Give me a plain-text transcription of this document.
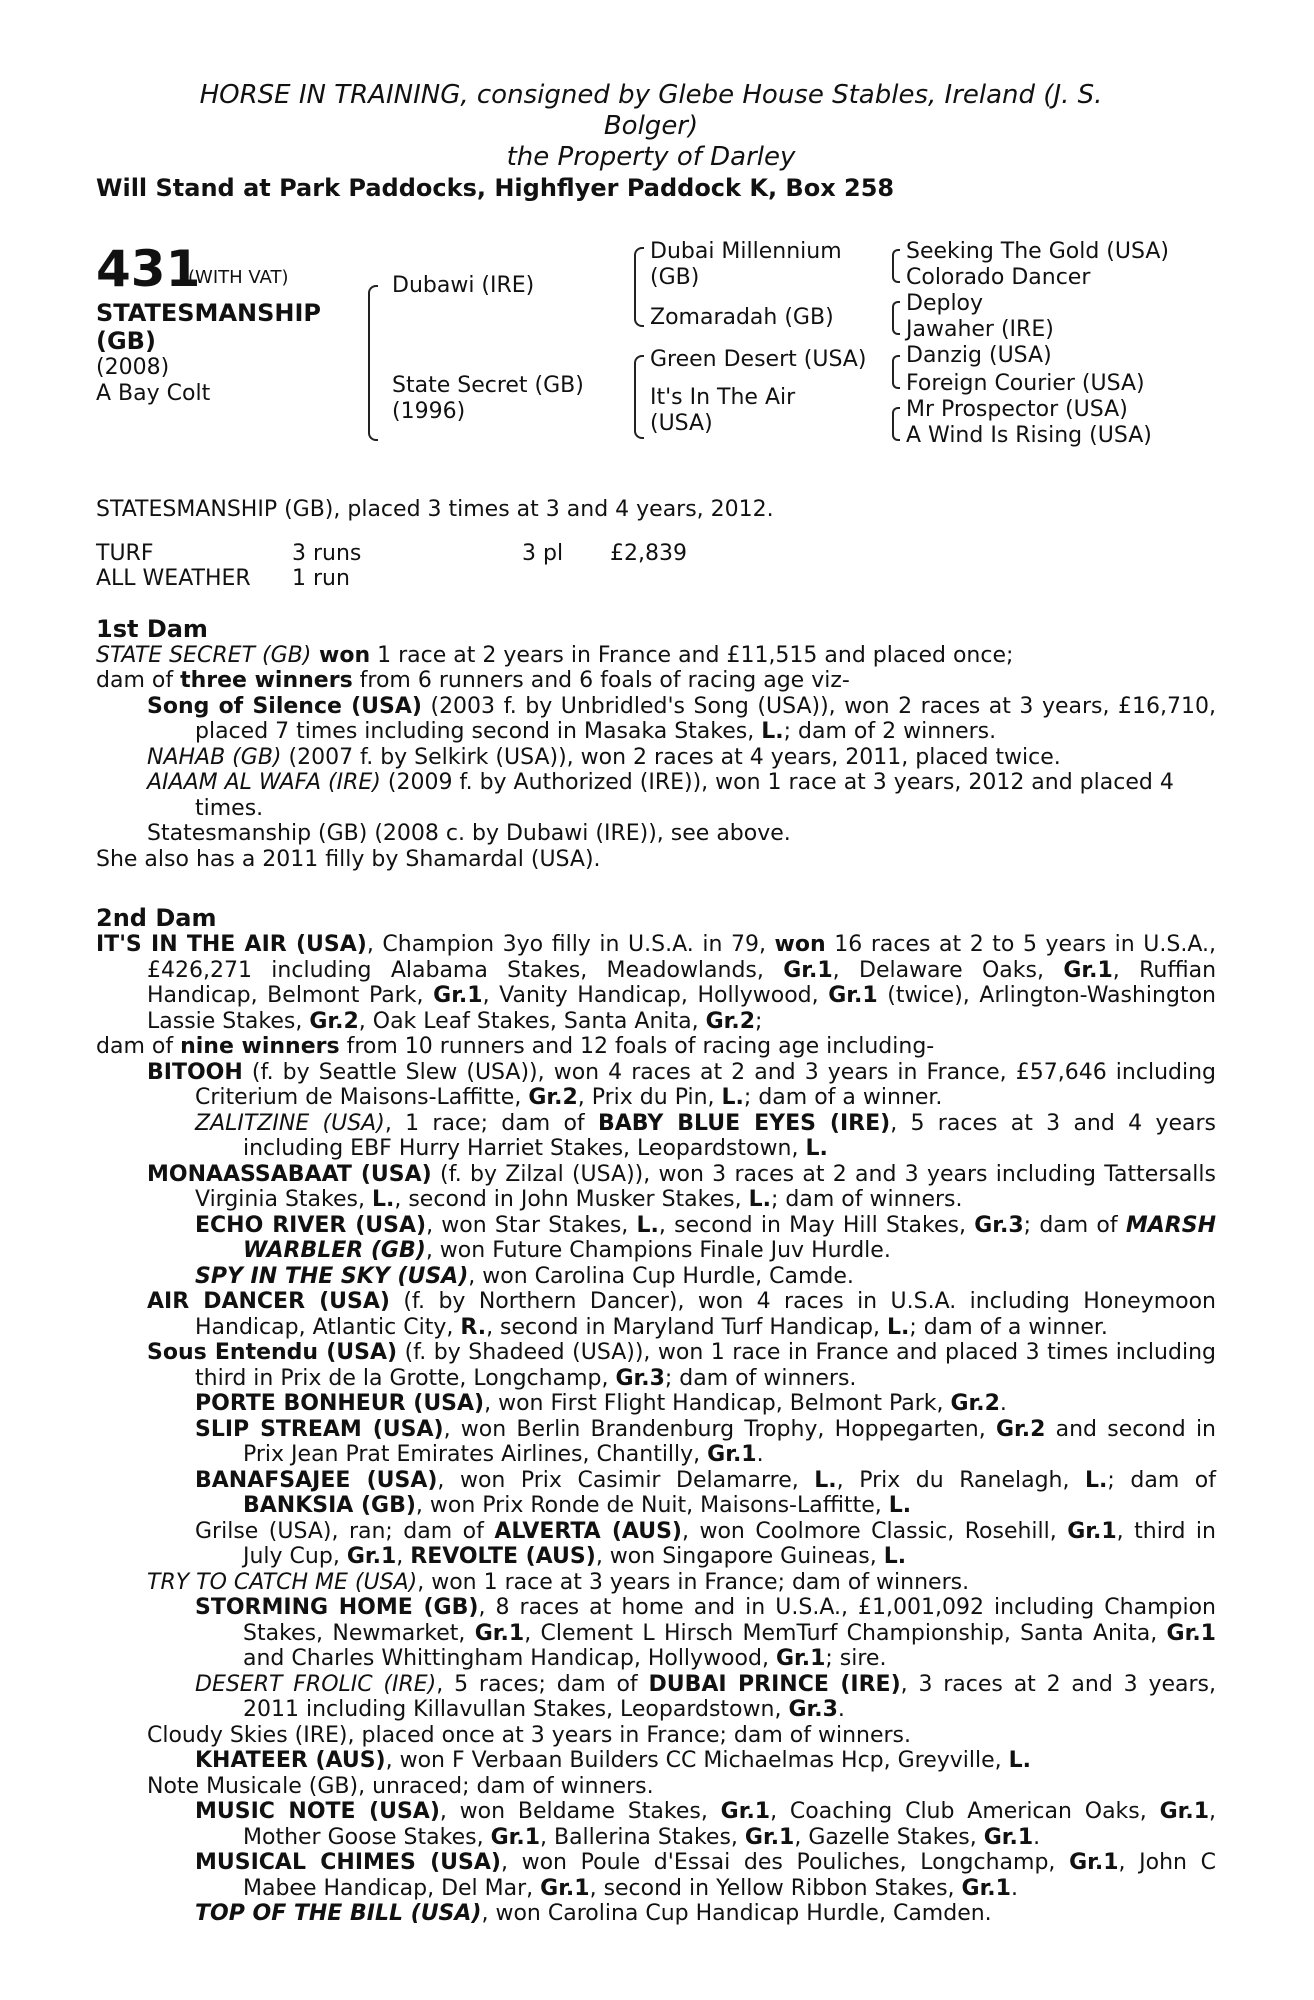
HORSE IN TRAINING, consigned by Glebe House Stables, Ireland (J. S.
Bolger)
the Property of Darley
Will Stand at Park Paddocks, Highflyer Paddock K, Box 258
431
(WITH VAT)
STATESMANSHIP
(GB)
(2008)
A Bay Colt
Dubawi (IRE)
State Secret (GB)
(1996)
Dubai Millennium
(GB)
Zomaradah (GB)
Green Desert (USA)
It's In The Air
(USA)
Seeking The Gold (USA)
Colorado Dancer
Deploy
Jawaher (IRE)
Danzig (USA)
Foreign Courier (USA)
Mr Prospector (USA)
A Wind Is Rising (USA)

STATESMANSHIP (GB), placed 3 times at 3 and 4 years, 2012.

TURF	3 runs	3 pl	£2,839
ALL WEATHER	1 run		
1st Dam

STATE SECRET (GB) won 1 race at 2 years in France and £11,515 and placed once;

dam of three winners from 6 runners and 6 foals of racing age viz-

Song of Silence (USA) (2003 f. by Unbridled's Song (USA)), won 2 races at 3 years, £16,710, placed 7 times including second in Masaka Stakes, L.; dam of 2 winners.

NAHAB (GB) (2007 f. by Selkirk (USA)), won 2 races at 4 years, 2011, placed twice.

AIAAM AL WAFA (IRE) (2009 f. by Authorized (IRE)), won 1 race at 3 years, 2012 and placed 4 times.

Statesmanship (GB) (2008 c. by Dubawi (IRE)), see above.

She also has a 2011 filly by Shamardal (USA).

2nd Dam

IT'S IN THE AIR (USA), Champion 3yo filly in U.S.A. in 79, won 16 races at 2 to 5 years in U.S.A., £426,271 including Alabama Stakes, Meadowlands, Gr.1, Delaware Oaks, Gr.1, Ruffian Handicap, Belmont Park, Gr.1, Vanity Handicap, Hollywood, Gr.1 (twice), Arlington-Washington Lassie Stakes, Gr.2, Oak Leaf Stakes, Santa Anita, Gr.2;

dam of nine winners from 10 runners and 12 foals of racing age including-

BITOOH (f. by Seattle Slew (USA)), won 4 races at 2 and 3 years in France, £57,646 including Criterium de Maisons-Laffitte, Gr.2, Prix du Pin, L.; dam of a winner.

ZALITZINE (USA), 1 race; dam of BABY BLUE EYES (IRE), 5 races at 3 and 4 years including EBF Hurry Harriet Stakes, Leopardstown, L.

MONAASSABAAT (USA) (f. by Zilzal (USA)), won 3 races at 2 and 3 years including Tattersalls Virginia Stakes, L., second in John Musker Stakes, L.; dam of winners.

ECHO RIVER (USA), won Star Stakes, L., second in May Hill Stakes, Gr.3; dam of MARSH WARBLER (GB), won Future Champions Finale Juv Hurdle.

SPY IN THE SKY (USA), won Carolina Cup Hurdle, Camde.

AIR DANCER (USA) (f. by Northern Dancer), won 4 races in U.S.A. including Honeymoon Handicap, Atlantic City, R., second in Maryland Turf Handicap, L.; dam of a winner.

Sous Entendu (USA) (f. by Shadeed (USA)), won 1 race in France and placed 3 times including third in Prix de la Grotte, Longchamp, Gr.3; dam of winners.

PORTE BONHEUR (USA), won First Flight Handicap, Belmont Park, Gr.2.

SLIP STREAM (USA), won Berlin Brandenburg Trophy, Hoppegarten, Gr.2 and second in Prix Jean Prat Emirates Airlines, Chantilly, Gr.1.

BANAFSAJEE (USA), won Prix Casimir Delamarre, L., Prix du Ranelagh, L.; dam of BANKSIA (GB), won Prix Ronde de Nuit, Maisons-Laffitte, L.

Grilse (USA), ran; dam of ALVERTA (AUS), won Coolmore Classic, Rosehill, Gr.1, third in July Cup, Gr.1, REVOLTE (AUS), won Singapore Guineas, L.

TRY TO CATCH ME (USA), won 1 race at 3 years in France; dam of winners.

STORMING HOME (GB), 8 races at home and in U.S.A., £1,001,092 including Champion Stakes, Newmarket, Gr.1, Clement L Hirsch MemTurf Championship, Santa Anita, Gr.1 and Charles Whittingham Handicap, Hollywood, Gr.1; sire.

DESERT FROLIC (IRE), 5 races; dam of DUBAI PRINCE (IRE), 3 races at 2 and 3 years, 2011 including Killavullan Stakes, Leopardstown, Gr.3.

Cloudy Skies (IRE), placed once at 3 years in France; dam of winners.

KHATEER (AUS), won F Verbaan Builders CC Michaelmas Hcp, Greyville, L.

Note Musicale (GB), unraced; dam of winners.

MUSIC NOTE (USA), won Beldame Stakes, Gr.1, Coaching Club American Oaks, Gr.1, Mother Goose Stakes, Gr.1, Ballerina Stakes, Gr.1, Gazelle Stakes, Gr.1.

MUSICAL CHIMES (USA), won Poule d'Essai des Pouliches, Longchamp, Gr.1, John C Mabee Handicap, Del Mar, Gr.1, second in Yellow Ribbon Stakes, Gr.1.

TOP OF THE BILL (USA), won Carolina Cup Handicap Hurdle, Camden.
